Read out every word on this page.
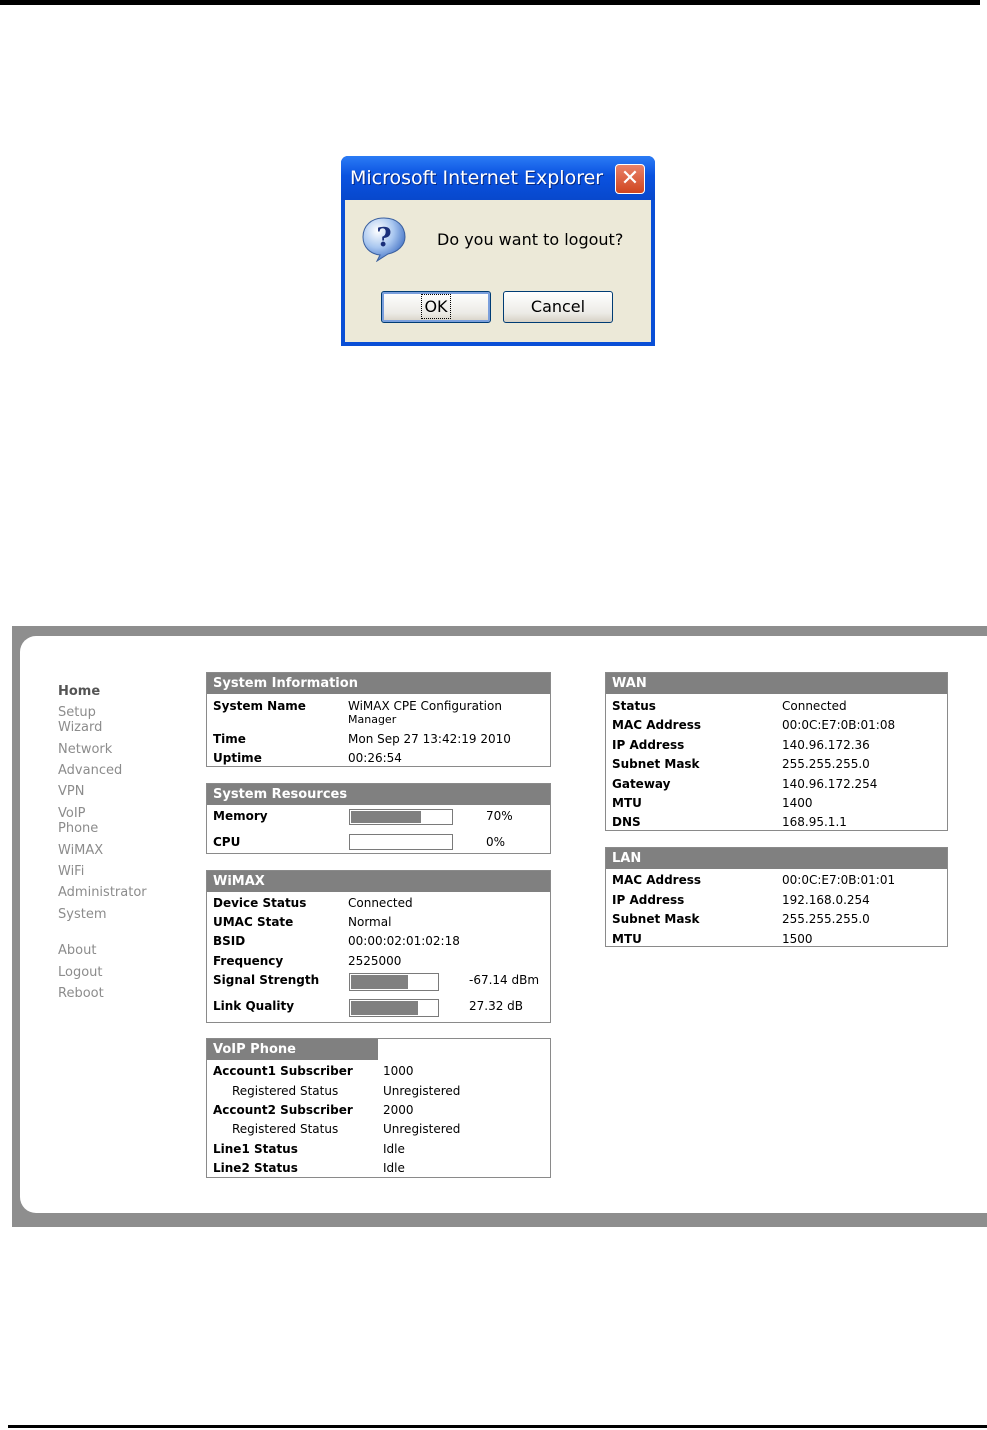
Microsoft Internet Explorer ✕
?	Do you want to logout?
OK	Cancel
Home
Setup
Wizard
Network
Advanced
VPN
VoIP
Phone
WiMAX
WiFi
Administrator
System
About
Logout
Reboot
System Information
System Name	WiMAX CPE Configuration
Manager
Time	Mon Sep 27 13:42:19 2010
Uptime	00:26:54
System Resources
Memory	70%
CPU	0%
WiMAX
Device Status	Connected
UMAC State	Normal
BSID	00:00:02:01:02:18
Frequency	2525000
Signal Strength	-67.14 dBm
Link Quality	27.32 dB
VoIP Phone
Account1 Subscriber	1000
Registered Status	Unregistered
Account2 Subscriber	2000
Registered Status	Unregistered
Line1 Status	Idle
Line2 Status	Idle
WAN
Status	Connected
MAC Address	00:0C:E7:0B:01:08
IP Address	140.96.172.36
Subnet Mask	255.255.255.0
Gateway	140.96.172.254
MTU	1400
DNS	168.95.1.1
LAN
MAC Address	00:0C:E7:0B:01:01
IP Address	192.168.0.254
Subnet Mask	255.255.255.0
MTU	1500
